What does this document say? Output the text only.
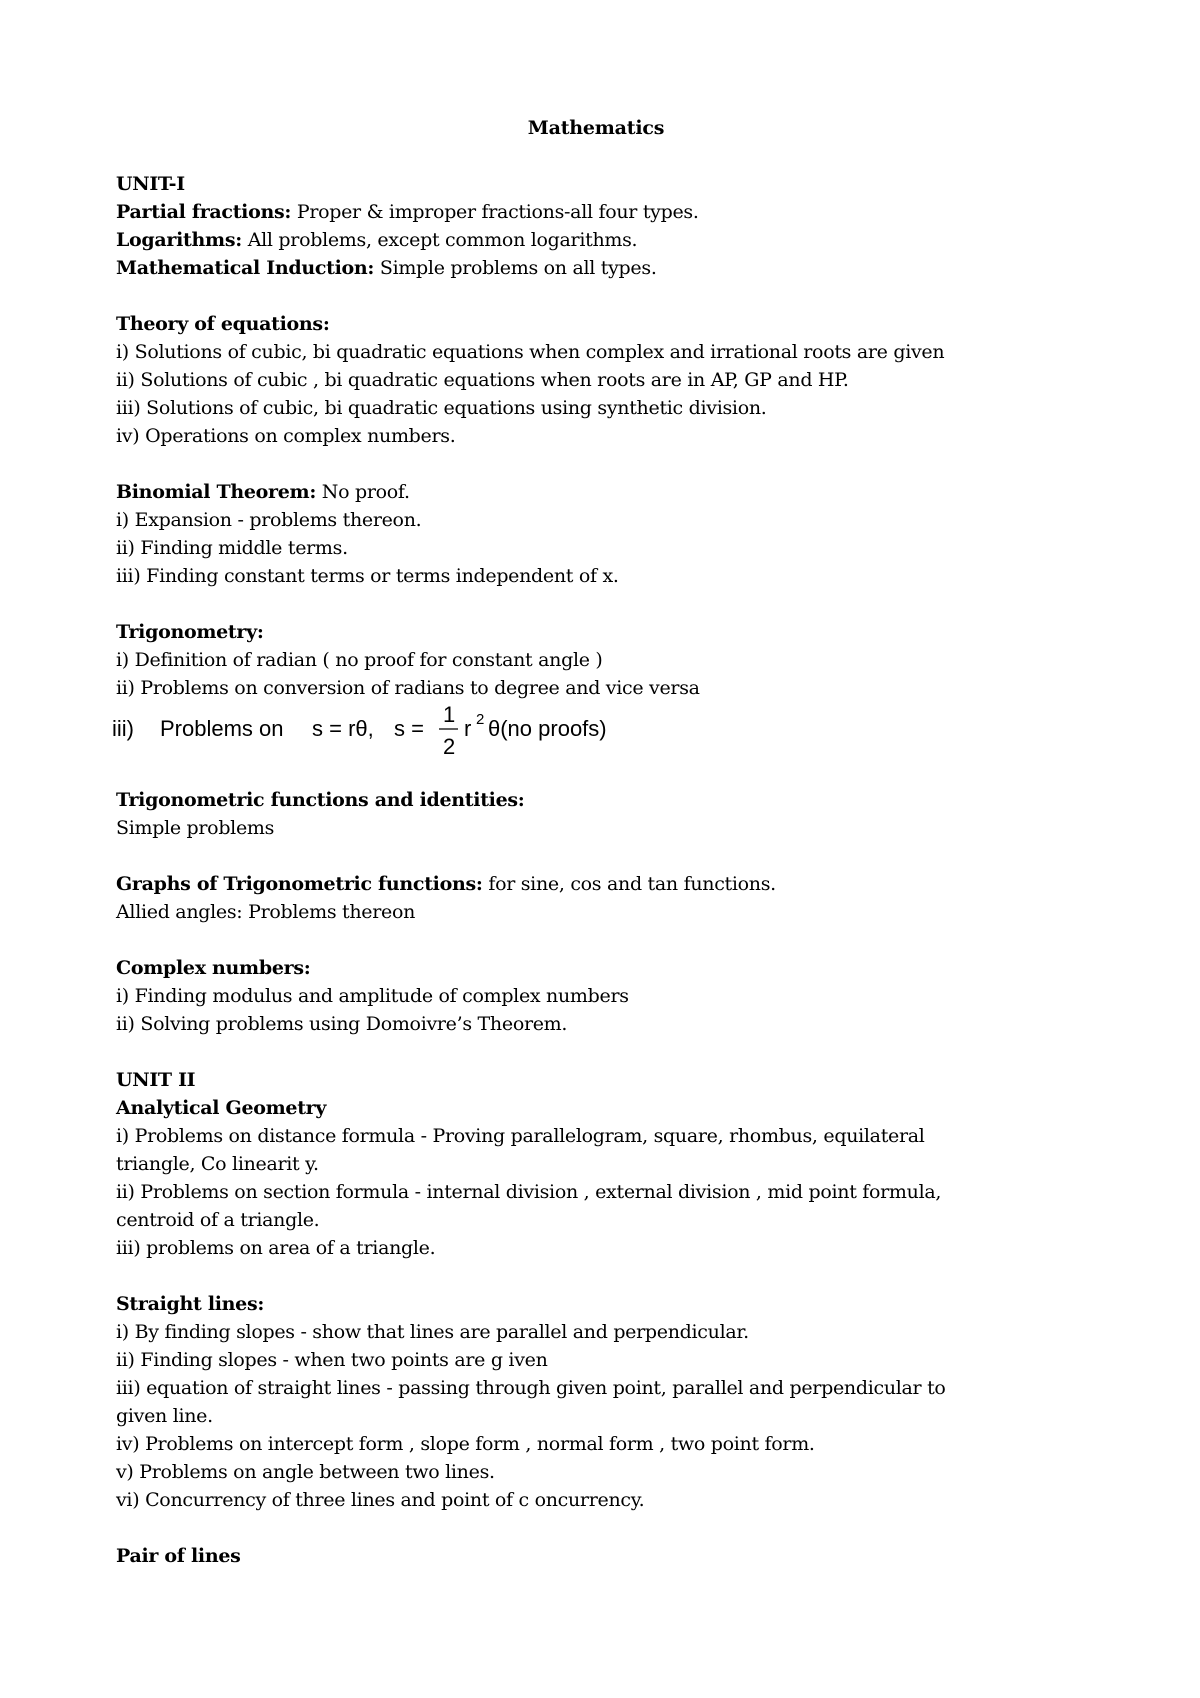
Mathematics

UNIT-I

Partial fractions: Proper & improper fractions-all four types.

Logarithms: All problems, except common logarithms.

Mathematical Induction: Simple problems on all types.

Theory of equations:

i) Solutions of cubic, bi quadratic equations when complex and irrational roots are given

ii) Solutions of cubic , bi quadratic equations when roots are in AP, GP and HP.

iii) Solutions of cubic, bi quadratic equations using synthetic division.

iv) Operations on complex numbers.

Binomial Theorem: No proof.

i) Expansion - problems thereon.

ii) Finding middle terms.

iii) Finding constant terms or terms independent of x.

Trigonometry:

i) Definition of radian ( no proof for constant angle )

ii) Problems on conversion of radians to degree and vice versa

iii) Problems on s = rθ, s =
1
2
r 2 θ(no proofs)

Trigonometric functions and identities:

Simple problems

Graphs of Trigonometric functions: for sine, cos and tan functions.

Allied angles: Problems thereon

Complex numbers:

i) Finding modulus and amplitude of complex numbers

ii) Solving problems using Domoivre’s Theorem.

UNIT II

Analytical Geometry

i) Problems on distance formula - Proving parallelogram, square, rhombus, equilateral triangle, Co linearit y.

ii) Problems on section formula - internal division , external division , mid point formula, centroid of a triangle.

iii) problems on area of a triangle.

Straight lines:

i) By finding slopes - show that lines are parallel and perpendicular.

ii) Finding slopes - when two points are g iven

iii) equation of straight lines - passing through given point, parallel and perpendicular to given line.

iv) Problems on intercept form , slope form , normal form , two point form.

v) Problems on angle between two lines.

vi) Concurrency of three lines and point of c oncurrency.

Pair of lines
